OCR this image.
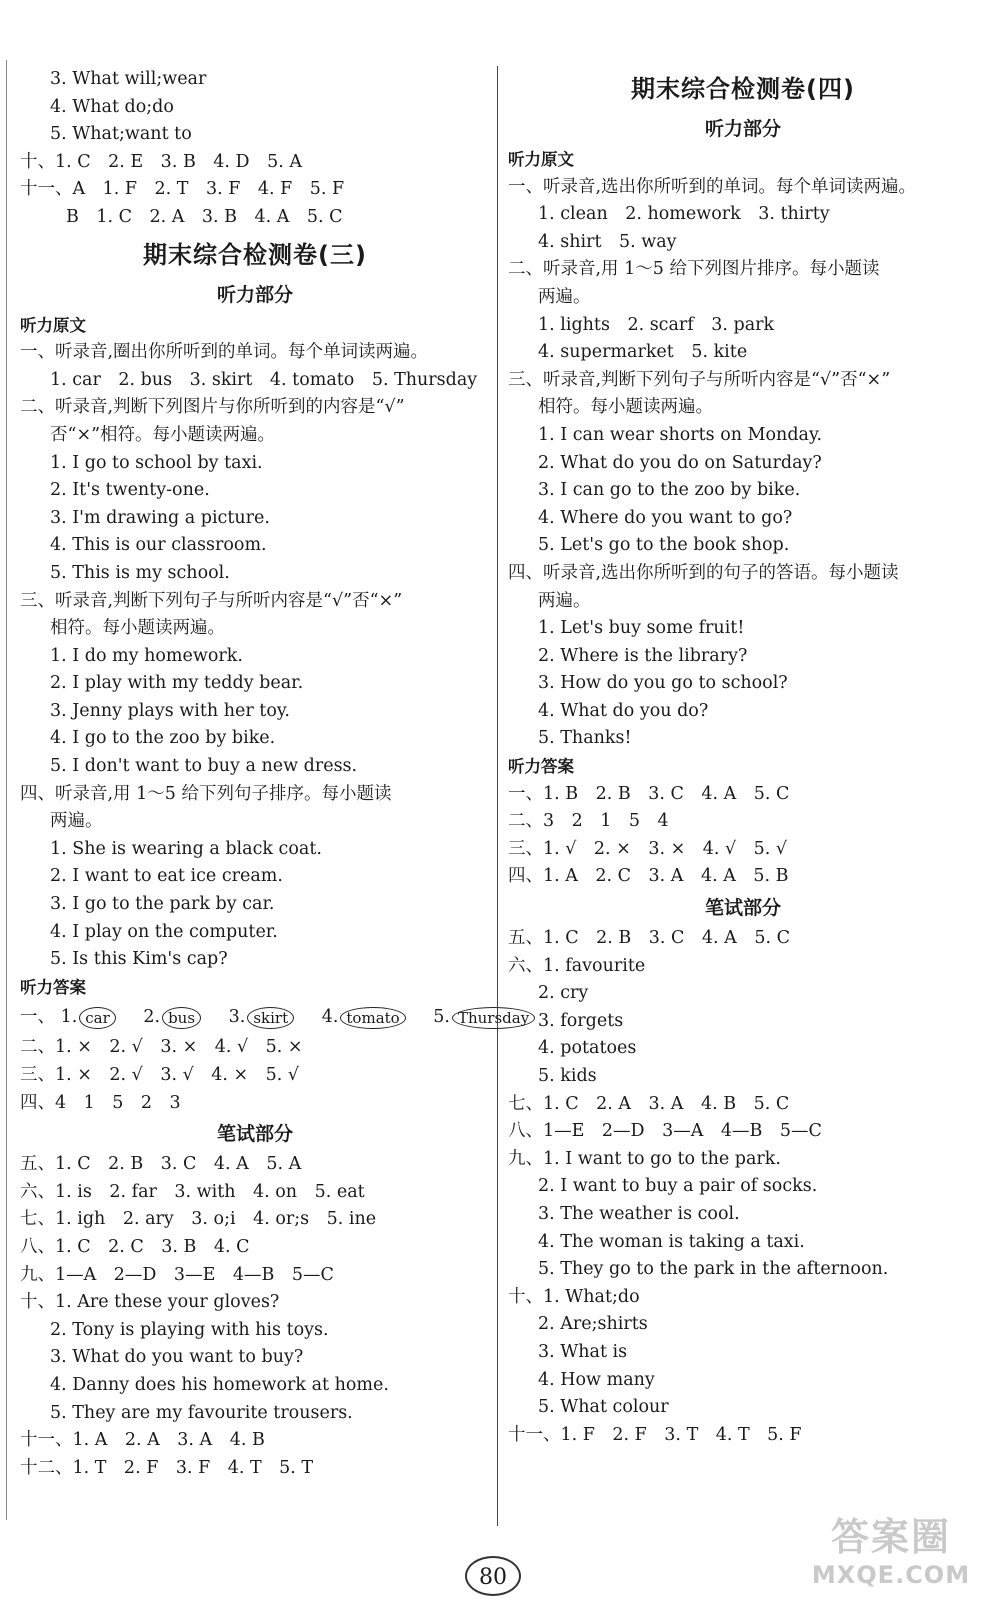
3. What will;wear
4. What do;do
5. What;want to
十、1. C　2. E　3. B　4. D　5. A
十一、A　1. F　2. T　3. F　4. F　5. F
B　1. C　2. A　3. B　4. A　5. C
期末综合检测卷(三)
听力部分
听力原文
一、听录音,圈出你所听到的单词。每个单词读两遍。
1. car　2. bus　3. skirt　4. tomato　5. Thursday
二、听录音,判断下列图片与你所听到的内容是“√”
否“×”相符。每小题读两遍。
1. I go to school by taxi.
2. It's twenty-one.
3. I'm drawing a picture.
4. This is our classroom.
5. This is my school.
三、听录音,判断下列句子与所听内容是“√”否“×”
相符。每小题读两遍。
1. I do my homework.
2. I play with my teddy bear.
3. Jenny plays with her toy.
4. I go to the zoo by bike.
5. I don't want to buy a new dress.
四、听录音,用 1～5 给下列句子排序。每小题读
两遍。
1. She is wearing a black coat.
2. I want to eat ice cream.
3. I go to the park by car.
4. I play on the computer.
5. Is this Kim's cap?
听力答案
一、 1. car 2. bus 3. skirt 4. tomato 5. Thursday
二、1. ×　2. √　3. ×　4. √　5. ×
三、1. ×　2. √　3. √　4. ×　5. √
四、4　1　5　2　3
笔试部分
五、1. C　2. B　3. C　4. A　5. A
六、1. is　2. far　3. with　4. on　5. eat
七、1. igh　2. ary　3. o;i　4. or;s　5. ine
八、1. C　2. C　3. B　4. C
九、1—A　2—D　3—E　4—B　5—C
十、1. Are these your gloves?
2. Tony is playing with his toys.
3. What do you want to buy?
4. Danny does his homework at home.
5. They are my favourite trousers.
十一、1. A　2. A　3. A　4. B
十二、1. T　2. F　3. F　4. T　5. T
期末综合检测卷(四)
听力部分
听力原文
一、听录音,选出你所听到的单词。每个单词读两遍。
1. clean　2. homework　3. thirty
4. shirt　5. way
二、听录音,用 1～5 给下列图片排序。每小题读
两遍。
1. lights　2. scarf　3. park
4. supermarket　5. kite
三、听录音,判断下列句子与所听内容是“√”否“×”
相符。每小题读两遍。
1. I can wear shorts on Monday.
2. What do you do on Saturday?
3. I can go to the zoo by bike.
4. Where do you want to go?
5. Let's go to the book shop.
四、听录音,选出你所听到的句子的答语。每小题读
两遍。
1. Let's buy some fruit!
2. Where is the library?
3. How do you go to school?
4. What do you do?
5. Thanks!
听力答案
一、1. B　2. B　3. C　4. A　5. C
二、3　2　1　5　4
三、1. √　2. ×　3. ×　4. √　5. √
四、1. A　2. C　3. A　4. A　5. B
笔试部分
五、1. C　2. B　3. C　4. A　5. C
六、1. favourite
2. cry
3. forgets
4. potatoes
5. kids
七、1. C　2. A　3. A　4. B　5. C
八、1—E　2—D　3—A　4—B　5—C
九、1. I want to go to the park.
2. I want to buy a pair of socks.
3. The weather is cool.
4. The woman is taking a taxi.
5. They go to the park in the afternoon.
十、1. What;do
2. Are;shirts
3. What is
4. How many
5. What colour
十一、1. F　2. F　3. T　4. T　5. F
80
答案圈
MXQE.COM
